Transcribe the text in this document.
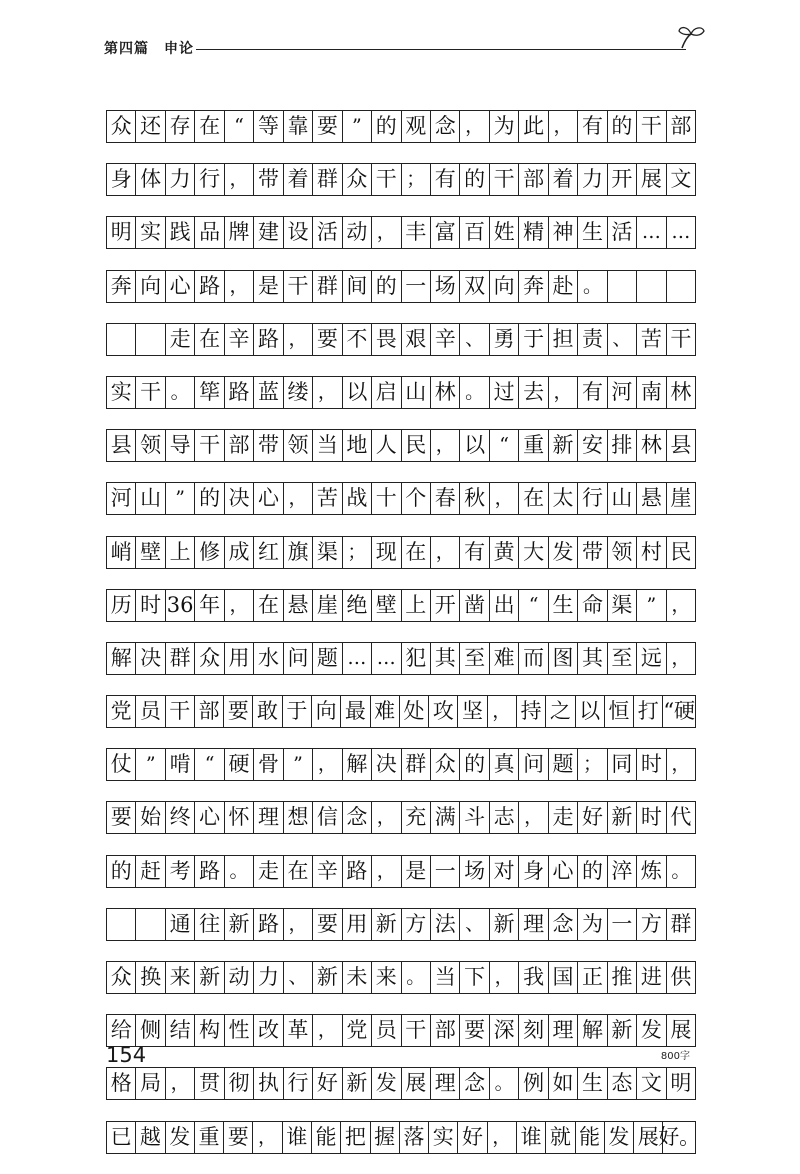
第四篇　申论
众 还 存 在 “ 等 靠 要 ” 的 观 念 ， 为 此 ， 有 的 干 部
身 体 力 行 ， 带 着 群 众 干 ； 有 的 干 部 着 力 开 展 文
明 实 践 品 牌 建 设 活 动 ， 丰 富 百 姓 精 神 生 活 … …
奔 向 心 路 ， 是 干 群 间 的 一 场 双 向 奔 赴 。
走 在 辛 路 ， 要 不 畏 艰 辛 、 勇 于 担 责 、 苦 干
实 干 。 筚 路 蓝 缕 ， 以 启 山 林 。 过 去 ， 有 河 南 林
县 领 导 干 部 带 领 当 地 人 民 ， 以 “ 重 新 安 排 林 县
河 山 ” 的 决 心 ， 苦 战 十 个 春 秋 ， 在 太 行 山 悬 崖
峭 壁 上 修 成 红 旗 渠 ； 现 在 ， 有 黄 大 发 带 领 村 民
历 时 36 年 ， 在 悬 崖 绝 壁 上 开 凿 出 “ 生 命 渠 ” ，
解 决 群 众 用 水 问 题 … … 犯 其 至 难 而 图 其 至 远 ，
党 员 干 部 要 敢 于 向 最 难 处 攻 坚 ， 持 之 以 恒 打 “硬
仗 ” 啃 “ 硬 骨 ” ， 解 决 群 众 的 真 问 题 ； 同 时 ，
要 始 终 心 怀 理 想 信 念 ， 充 满 斗 志 ， 走 好 新 时 代
的 赶 考 路 。 走 在 辛 路 ， 是 一 场 对 身 心 的 淬 炼 。
通 往 新 路 ， 要 用 新 方 法 、 新 理 念 为 一 方 群
众 换 来 新 动 力 、 新 未 来 。 当 下 ， 我 国 正 推 进 供
给 侧 结 构 性 改 革 ， 党 员 干 部 要 深 刻 理 解 新 发 展
800字
格 局 ， 贯 彻 执 行 好 新 发 展 理 念 。 例 如 生 态 文 明
已 越 发 重 要 ， 谁 能 把 握 落 实 好 ， 谁 就 能 发 展 好。
154
